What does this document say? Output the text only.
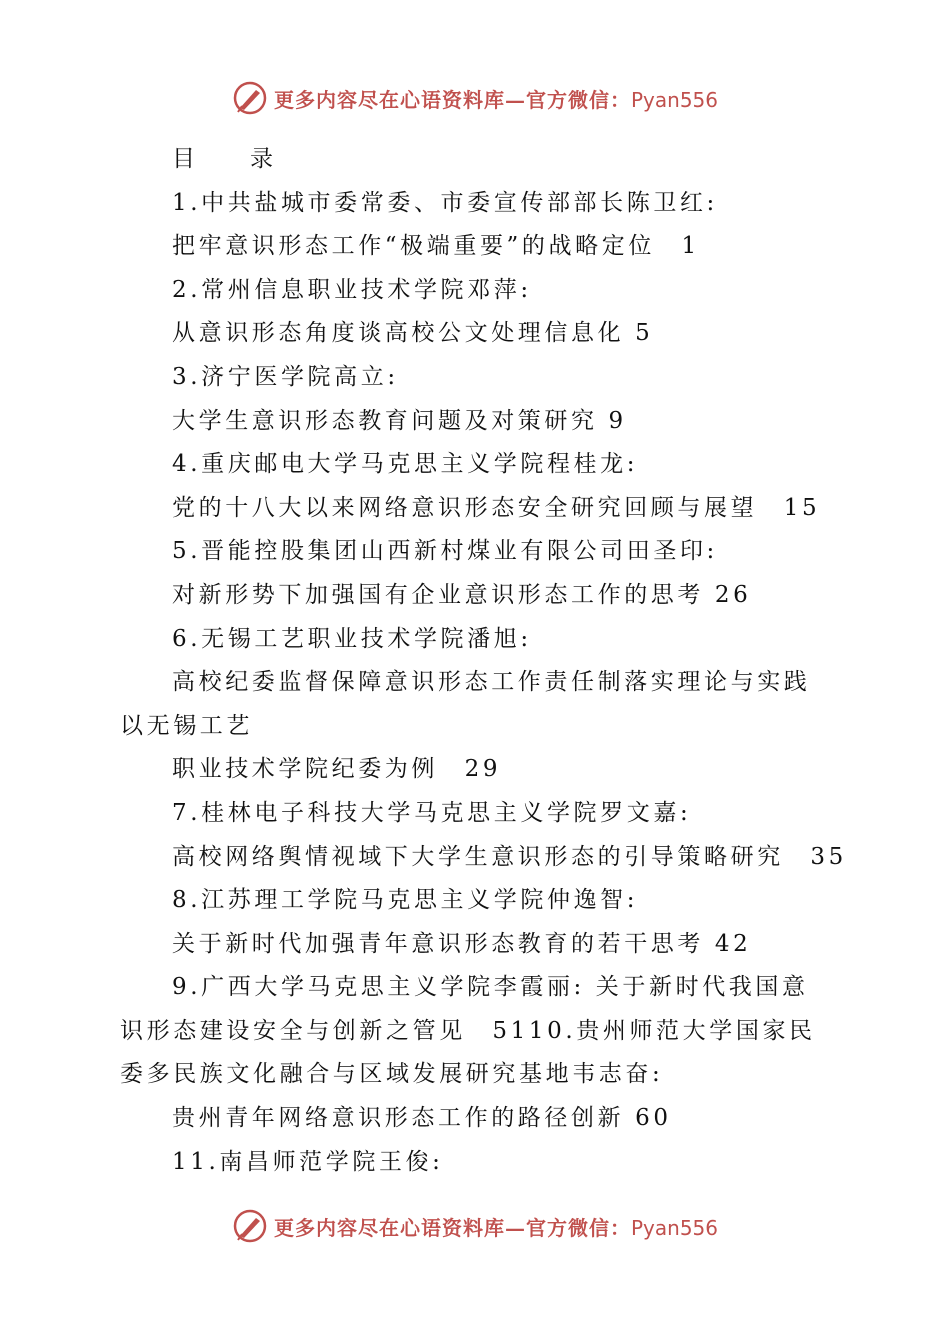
更多内容尽在心语资料库—官方微信：Pyan556
目　录
1.中共盐城市委常委、市委宣传部部长陈卫红:
把牢意识形态工作“极端重要”的战略定位　1
2.常州信息职业技术学院邓萍:
从意识形态角度谈高校公文处理信息化 5
3.济宁医学院高立:
大学生意识形态教育问题及对策研究 9
4.重庆邮电大学马克思主义学院程桂龙:
党的十八大以来网络意识形态安全研究回顾与展望　15
5.晋能控股集团山西新村煤业有限公司田圣印:
对新形势下加强国有企业意识形态工作的思考 26
6.无锡工艺职业技术学院潘旭:
高校纪委监督保障意识形态工作责任制落实理论与实践以无锡工艺
职业技术学院纪委为例　29
7.桂林电子科技大学马克思主义学院罗文嘉:
高校网络舆情视域下大学生意识形态的引导策略研究　35
8.江苏理工学院马克思主义学院仲逸智:
关于新时代加强青年意识形态教育的若干思考 42
9.广西大学马克思主义学院李霞丽: 关于新时代我国意识形态建设安全与创新之管见　5110.贵州师范大学国家民委多民族文化融合与区域发展研究基地韦志奋:
贵州青年网络意识形态工作的路径创新 60
11.南昌师范学院王俊:
更多内容尽在心语资料库—官方微信：Pyan556
